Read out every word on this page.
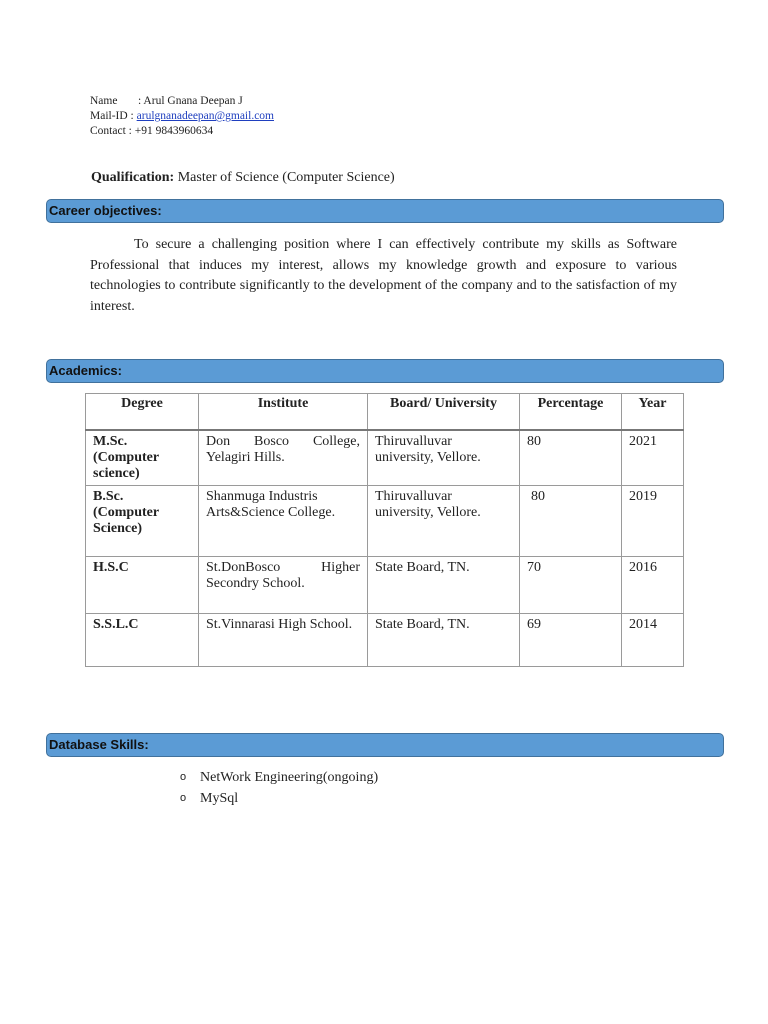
Name : Arul Gnana Deepan J
Mail-ID : arulgnanadeepan@gmail.com
Contact : +91 9843960634
Qualification: Master of Science (Computer Science)
Career objectives:
To secure a challenging position where I can effectively contribute my skills as Software Professional that induces my interest, allows my knowledge growth and exposure to various technologies to contribute significantly to the development of the company and to the satisfaction of my interest.
Academics:
Degree	Institute	Board/ University	Percentage	Year
M.Sc. (Computer science)	Don Bosco College, Yelagiri Hills.	Thiruvalluvar university, Vellore.	80	2021
B.Sc. (Computer Science)	Shanmuga Industris Arts&Science College.	Thiruvalluvar university, Vellore.	80	2019
H.S.C	St.DonBosco Higher Secondry School.	State Board, TN.	70	2016
S.S.L.C	St.Vinnarasi High School.	State Board, TN.	69	2014
Database Skills:
o NetWork Engineering(ongoing)
o MySql
